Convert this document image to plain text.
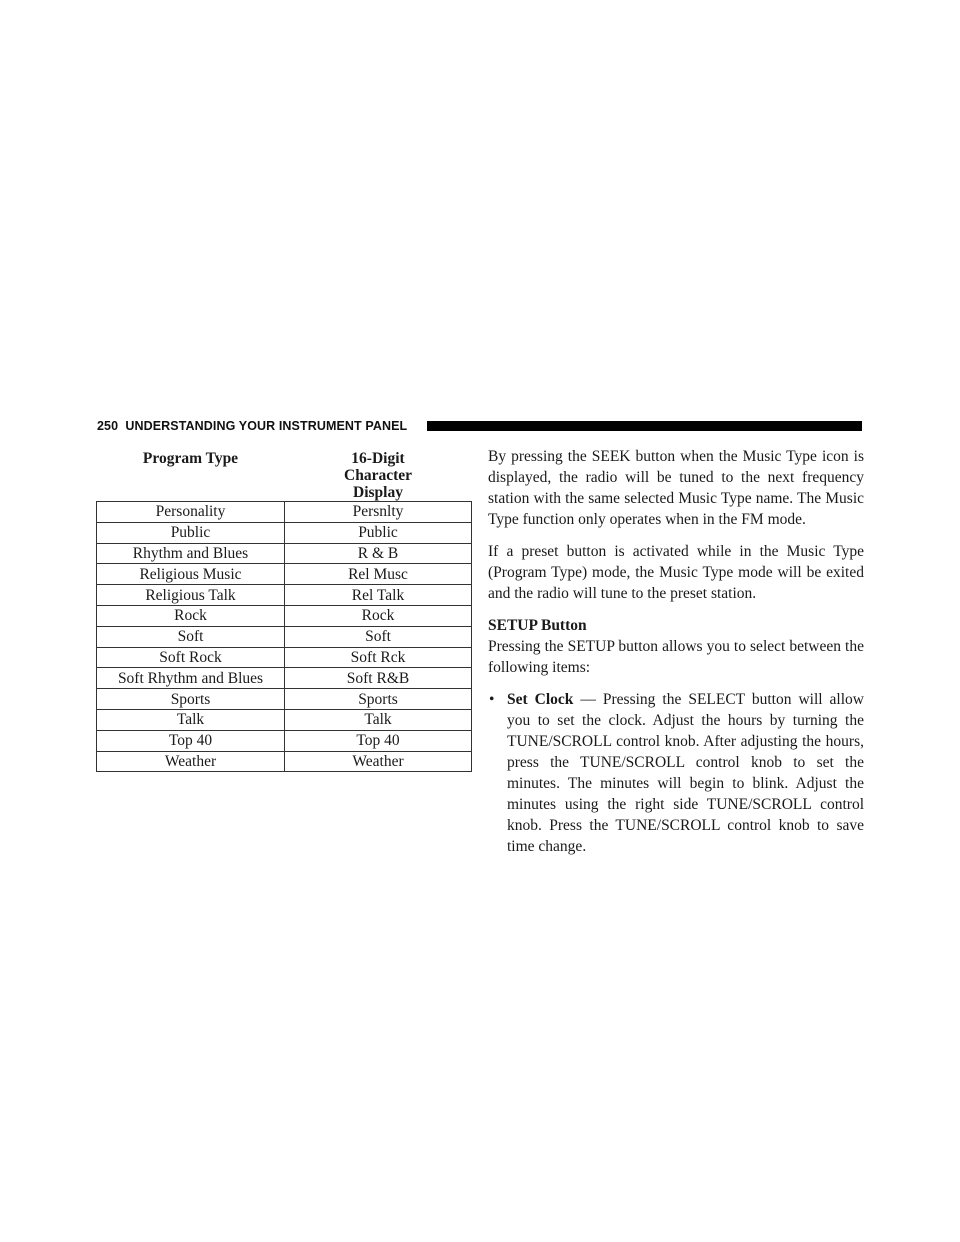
250 UNDERSTANDING YOUR INSTRUMENT PANEL
Program Type	16-Digit Character Display
Personality	Persnlty
Public	Public
Rhythm and Blues	R & B
Religious Music	Rel Musc
Religious Talk	Rel Talk
Rock	Rock
Soft	Soft
Soft Rock	Soft Rck
Soft Rhythm and Blues	Soft R&B
Sports	Sports
Talk	Talk
Top 40	Top 40
Weather	Weather

By pressing the SEEK button when the Music Type icon is displayed, the radio will be tuned to the next frequency station with the same selected Music Type name. The Music Type function only operates when in the FM mode.

If a preset button is activated while in the Music Type (Program Type) mode, the Music Type mode will be exited and the radio will tune to the preset station.

SETUP Button

Pressing the SETUP button allows you to select between the following items:

• Set Clock — Pressing the SELECT button will allow you to set the clock. Adjust the hours by turning the TUNE/SCROLL control knob. After adjusting the hours, press the TUNE/SCROLL control knob to set the minutes. The minutes will begin to blink. Adjust the minutes using the right side TUNE/SCROLL control knob. Press the TUNE/SCROLL control knob to save time change.
